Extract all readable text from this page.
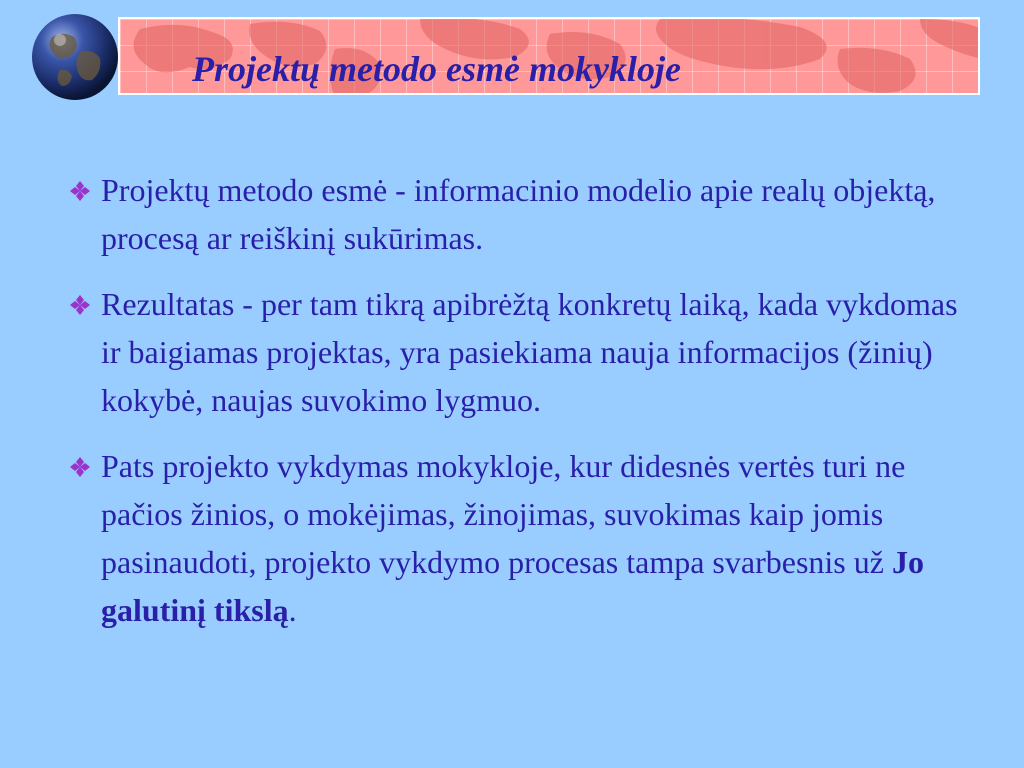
Projektų metodo esmė mokykloje
Projektų metodo esmė - informacinio modelio apie realų objektą, procesą ar reiškinį sukūrimas.
Rezultatas - per tam tikrą apibrėžtą konkretų laiką, kada vykdomas ir baigiamas projektas, yra pasiekiama nauja informacijos (žinių) kokybė, naujas suvokimo lygmuo.
Pats projekto vykdymas mokykloje, kur didesnės vertės turi ne pačios žinios, o mokėjimas, žinojimas, suvokimas kaip jomis pasinaudoti, projekto vykdymo procesas tampa svarbesnis už Jo galutinį tikslą.
